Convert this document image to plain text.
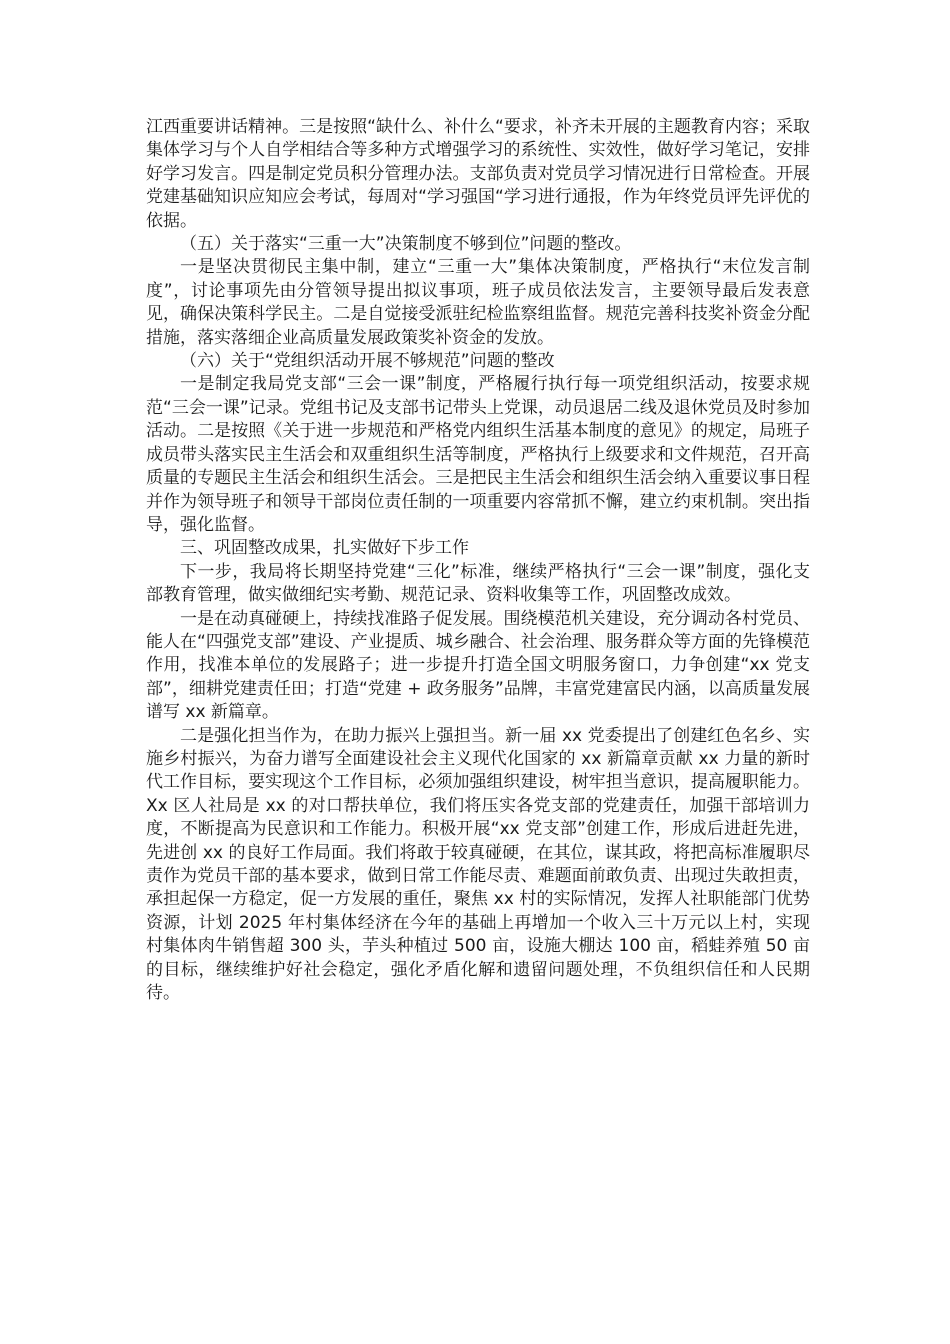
江西重要讲话精神。三是按照“缺什么、补什么“要求，补齐未开展的主题教育内容；采取集体学习与个人自学相结合等多种方式增强学习的系统性、实效性，做好学习笔记，安排好学习发言。四是制定党员积分管理办法。支部负责对党员学习情况进行日常检查。开展党建基础知识应知应会考试，每周对“学习强国“学习进行通报，作为年终党员评先评优的依据。

（五）关于落实“三重一大”决策制度不够到位”问题的整改。

一是坚决贯彻民主集中制，建立“三重一大”集体决策制度，严格执行“末位发言制度”，讨论事项先由分管领导提出拟议事项，班子成员依法发言，主要领导最后发表意见，确保决策科学民主。二是自觉接受派驻纪检监察组监督。规范完善科技奖补资金分配措施，落实落细企业高质量发展政策奖补资金的发放。

（六）关于“党组织活动开展不够规范”问题的整改

一是制定我局党支部“三会一课”制度，严格履行执行每一项党组织活动，按要求规范“三会一课”记录。党组书记及支部书记带头上党课，动员退居二线及退休党员及时参加活动。二是按照《关于进一步规范和严格党内组织生活基本制度的意见》的规定，局班子成员带头落实民主生活会和双重组织生活等制度，严格执行上级要求和文件规范，召开高质量的专题民主生活会和组织生活会。三是把民主生活会和组织生活会纳入重要议事日程并作为领导班子和领导干部岗位责任制的一项重要内容常抓不懈，建立约束机制。突出指导，强化监督。

三、巩固整改成果，扎实做好下步工作

下一步，我局将长期坚持党建“三化”标准，继续严格执行“三会一课”制度，强化支部教育管理，做实做细纪实考勤、规范记录、资料收集等工作，巩固整改成效。

一是在动真碰硬上，持续找准路子促发展。围绕模范机关建设，充分调动各村党员、能人在“四强党支部”建设、产业提质、城乡融合、社会治理、服务群众等方面的先锋模范作用，找准本单位的发展路子；进一步提升打造全国文明服务窗口，力争创建“xx 党支部”，细耕党建责任田；打造“党建 + 政务服务”品牌，丰富党建富民内涵，以高质量发展谱写 xx 新篇章。

二是强化担当作为，在助力振兴上强担当。新一届 xx 党委提出了创建红色名乡、实施乡村振兴，为奋力谱写全面建设社会主义现代化国家的 xx 新篇章贡献 xx 力量的新时代工作目标，要实现这个工作目标，必须加强组织建设，树牢担当意识，提高履职能力。Xx 区人社局是 xx 的对口帮扶单位，我们将压实各党支部的党建责任，加强干部培训力度，不断提高为民意识和工作能力。积极开展“xx 党支部”创建工作，形成后进赶先进，先进创 xx 的良好工作局面。我们将敢于较真碰硬，在其位，谋其政，将把高标准履职尽责作为党员干部的基本要求，做到日常工作能尽责、难题面前敢负责、出现过失敢担责，承担起保一方稳定，促一方发展的重任，聚焦 xx 村的实际情况，发挥人社职能部门优势资源，计划 2025 年村集体经济在今年的基础上再增加一个收入三十万元以上村，实现村集体肉牛销售超 300 头，芋头种植过 500 亩，设施大棚达 100 亩，稻蛙养殖 50 亩的目标，继续维护好社会稳定，强化矛盾化解和遗留问题处理，不负组织信任和人民期待。
